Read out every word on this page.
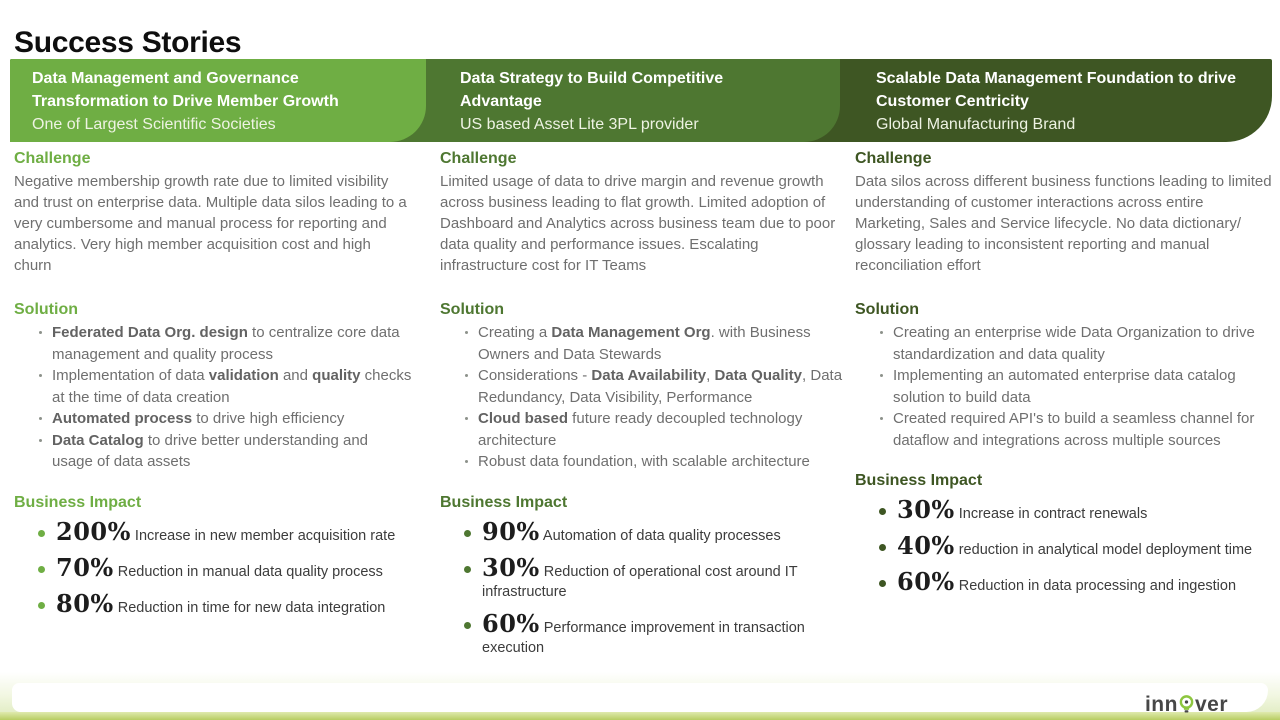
Success Stories
Data Management and Governance Transformation to Drive Member Growth
One of Largest Scientific Societies
Data Strategy to Build Competitive Advantage
US based Asset Lite 3PL provider
Scalable Data Management Foundation to drive Customer Centricity
Global Manufacturing Brand
Challenge

Negative membership growth rate due to limited visibility and trust on enterprise data. Multiple data silos leading to a very cumbersome and manual process for reporting and analytics. Very high member acquisition cost and high churn

Solution
Federated Data Org. design to centralize core data management and quality process
Implementation of data validation and quality checks at the time of data creation
Automated process to drive high efficiency
Data Catalog to drive better understanding and usage of data assets
Business Impact
200% Increase in new member acquisition rate
70% Reduction in manual data quality process
80% Reduction in time for new data integration
Challenge

Limited usage of data to drive margin and revenue growth across business leading to flat growth. Limited adoption of Dashboard and Analytics across business team due to poor data quality and performance issues. Escalating infrastructure cost for IT Teams

Solution
Creating a Data Management Org. with Business Owners and Data Stewards
Considerations - Data Availability, Data Quality, Data Redundancy, Data Visibility, Performance
Cloud based future ready decoupled technology architecture
Robust data foundation, with scalable architecture
Business Impact
90% Automation of data quality processes
30% Reduction of operational cost around IT infrastructure
60% Performance improvement in transaction execution
Challenge

Data silos across different business functions leading to limited understanding of customer interactions across entire Marketing, Sales and Service lifecycle. No data dictionary/ glossary leading to inconsistent reporting and manual reconciliation effort

Solution
Creating an enterprise wide Data Organization to drive standardization and data quality
Implementing an automated enterprise data catalog solution to build data
Created required API's to build a seamless channel for dataflow and integrations across multiple sources
Business Impact
30% Increase in contract renewals
40% reduction in analytical model deployment time
60% Reduction in data processing and ingestion
inn ver
